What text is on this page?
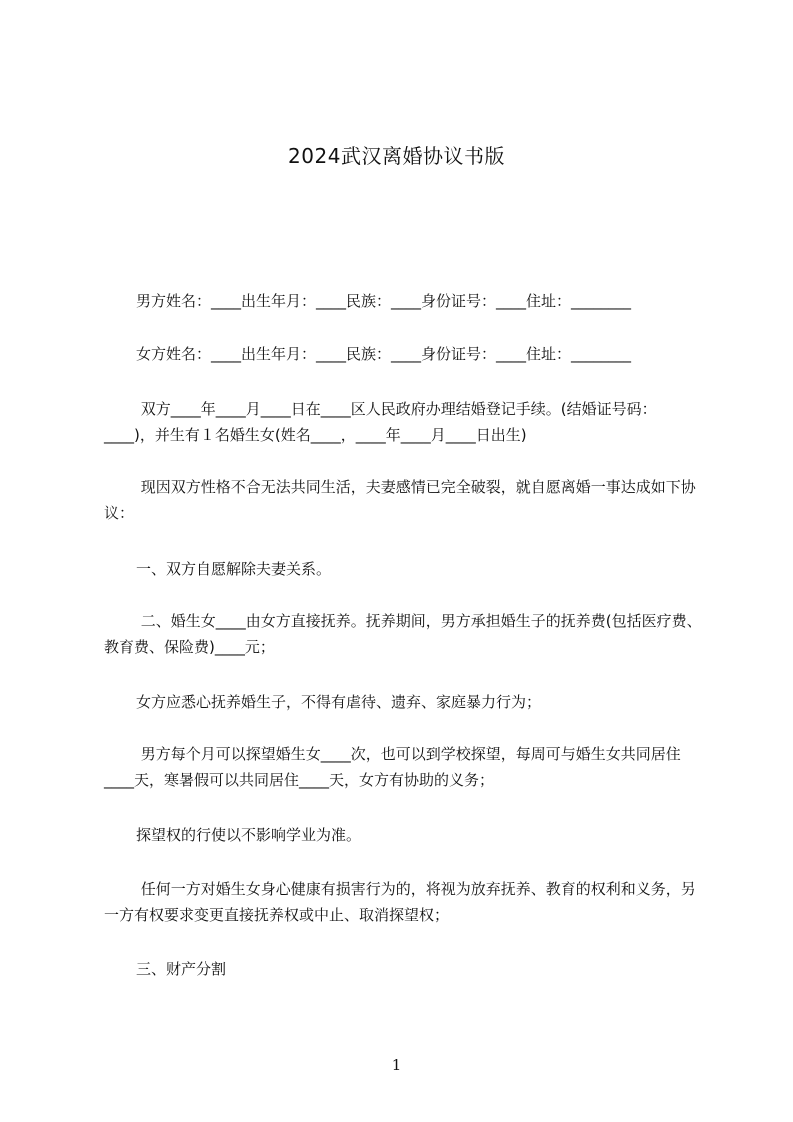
2024武汉离婚协议书版
男方姓名：____出生年月：____民族：____身份证号：____住址：________
女方姓名：____出生年月：____民族：____身份证号：____住址：________
双方____年____月____日在____区人民政府办理结婚登记手续。(结婚证号码：____)，并生有１名婚生女(姓名____，____年____月____日出生)
现因双方性格不合无法共同生活，夫妻感情已完全破裂，就自愿离婚一事达成如下协议：
一、双方自愿解除夫妻关系。
二、婚生女____由女方直接抚养。抚养期间，男方承担婚生子的抚养费(包括医疗费、教育费、保险费)____元；
女方应悉心抚养婚生子，不得有虐待、遗弃、家庭暴力行为；
男方每个月可以探望婚生女____次，也可以到学校探望，每周可与婚生女共同居住____天，寒暑假可以共同居住____天，女方有协助的义务；
探望权的行使以不影响学业为准。
任何一方对婚生女身心健康有损害行为的，将视为放弃抚养、教育的权利和义务，另一方有权要求变更直接抚养权或中止、取消探望权；
三、财产分割
1
